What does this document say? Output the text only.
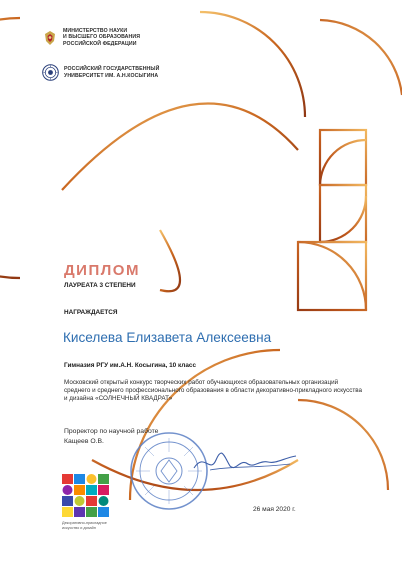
МИНИСТЕРСТВО НАУКИ
И ВЫСШЕГО ОБРАЗОВАНИЯ
РОССИЙСКОЙ ФЕДЕРАЦИИ
РОССИЙСКИЙ ГОСУДАРСТВЕННЫЙ
УНИВЕРСИТЕТ ИМ. А.Н.КОСЫГИНА
ДИПЛОМ
ЛАУРЕАТА 3 СТЕПЕНИ
НАГРАЖДАЕТСЯ
Киселева Елизавета Алексеевна
Гимназия РГУ им.А.Н. Косыгина, 10 класс
Московский открытый конкурс творческих работ обучающихся образовательных организаций среднего и среднего профессионального образования в области декоративно-прикладного искусства и дизайна «СОЛНЕЧНЫЙ КВАДРАТ»
Проректор по научной работе
Кащеев О.В.
26 мая 2020 г.
Декоративно-прикладное искусство и дизайн
